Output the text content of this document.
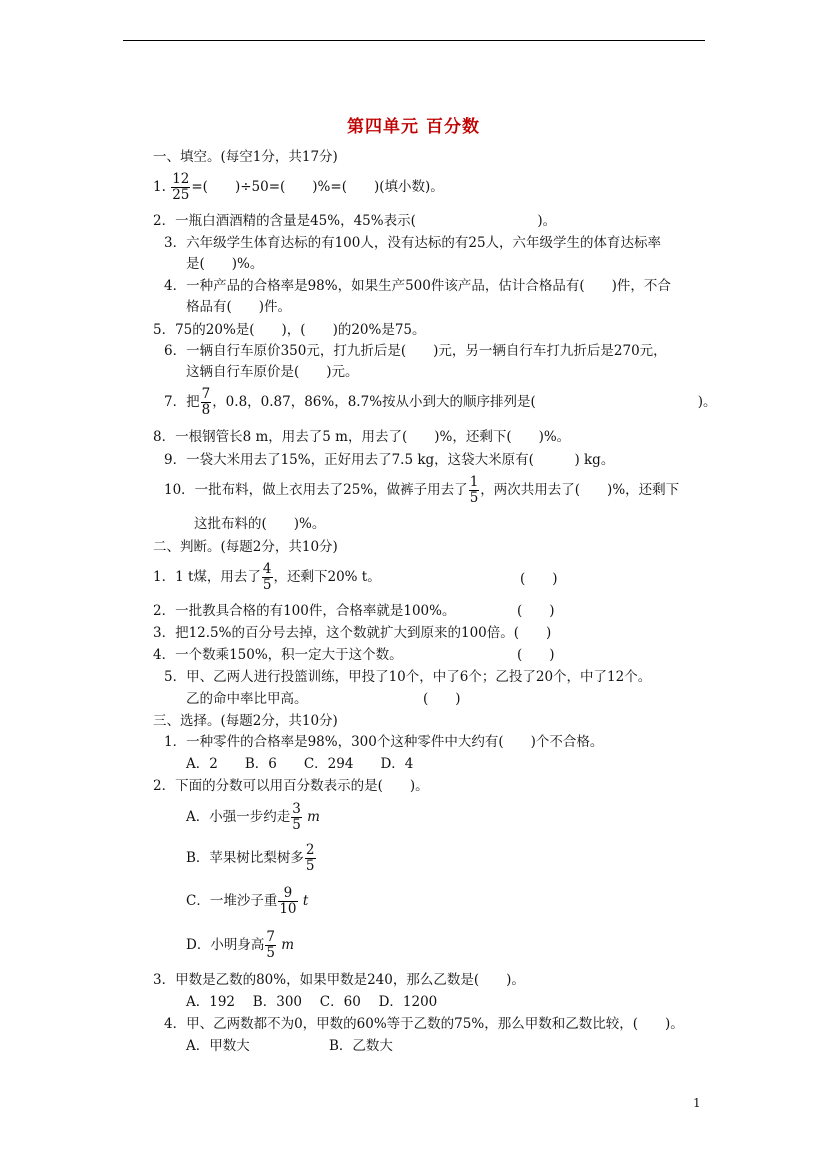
第四单元 百分数
一、填空。(每空1分，共17分)
1. $\frac{12}{25}$ =(　　)÷50=(　　)%=(　　)(填小数)。
2．一瓶白酒酒精的含量是45%，45%表示(　　　　　　　　　)。
3．六年级学生体育达标的有100人，没有达标的有25人，六年级学生的体育达标率
是(　　)%。
4．一种产品的合格率是98%，如果生产500件该产品，估计合格品有(　　)件，不合
格品有(　　)件。
5．75的20%是(　　)，(　　)的20%是75。
6．一辆自行车原价350元，打九折后是(　　)元，另一辆自行车打九折后是270元，
这辆自行车原价是(　　)元。
7．把 $\frac{7}{8}$ ，0.8，0.87，86%，8.7%按从小到大的顺序排列是(　　　　　　　　　　　　)。
8．一根钢管长8 m，用去了5 m，用去了(　　)%，还剩下(　　)%。
9．一袋大米用去了15%，正好用去了7.5 kg，这袋大米原有(　　　) kg。
10．一批布料，做上衣用去了25%，做裤子用去了 $\frac{1}{5}$ ，两次共用去了(　　)%，还剩下
这批布料的(　　)%。
二、判断。(每题2分，共10分)
1．1 t煤，用去了 $\frac{4}{5}$ ，还剩下20% t。	(　　)
2．一批教具合格的有100件，合格率就是100%。	(　　)
3．把12.5%的百分号去掉，这个数就扩大到原来的100倍。(　　)
4．一个数乘150%，积一定大于这个数。	(　　)
5．甲、乙两人进行投篮训练，甲投了10个，中了6个；乙投了20个，中了12个。
乙的命中率比甲高。	(　　)
三、选择。(每题2分，共10分)
1．一种零件的合格率是98%，300个这种零件中大约有(　　)个不合格。
A．2　　B．6　　C．294　　D．4
2．下面的分数可以用百分数表示的是(　　)。
A．小强一步约走 $\frac{3}{5}$ m
B．苹果树比梨树多 $\frac{2}{5}$
C．一堆沙子重 $\frac{9}{10}$ t
D．小明身高 $\frac{7}{5}$ m
3．甲数是乙数的80%，如果甲数是240，那么乙数是(　　)。
A．192　 B．300　 C．60　 D．1200
4．甲、乙两数都不为0，甲数的60%等于乙数的75%，那么甲数和乙数比较，(　　)。
A．甲数大	B．乙数大
1
